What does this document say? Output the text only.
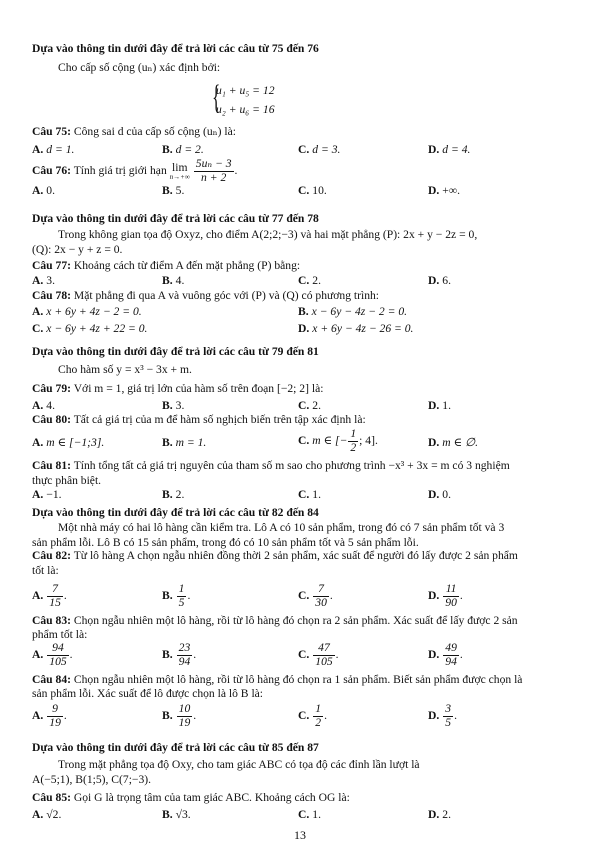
Dựa vào thông tin dưới đây để trả lời các câu từ 75 đến 76
Cho cấp số cộng (uₙ) xác định bởi:
{
u₁ + u₅ = 12
u₂ + u₆ = 16
Câu 75: Công sai d của cấp số cộng (uₙ) là:
A. d = 1.	B. d = 2.	C. d = 3.	D. d = 4.
Câu 76: Tính giá trị giới hạn lim
n→+∞
$\frac{\text{5uₙ − 3}}{n + 2}$ .
A. 0.	B. 5.	C. 10.	D. +∞.
Dựa vào thông tin dưới đây để trả lời các câu từ 77 đến 78
Trong không gian tọa độ Oxyz, cho điểm A(2;2;−3) và hai mặt phẳng (P): 2x + y − 2z = 0,
(Q): 2x − y + z = 0.
Câu 77: Khoảng cách từ điểm A đến mặt phẳng (P) bằng:
A. 3.	B. 4.	C. 2.	D. 6.
Câu 78: Mặt phẳng đi qua A và vuông góc với (P) và (Q) có phương trình:
A. x + 6y + 4z − 2 = 0.	B. x − 6y − 4z − 2 = 0.
C. x − 6y + 4z + 22 = 0.	D. x + 6y − 4z − 26 = 0.
Dựa vào thông tin dưới đây để trả lời các câu từ 79 đến 81
Cho hàm số y = x³ − 3x + m.
Câu 79: Với m = 1, giá trị lớn của hàm số trên đoạn [−2; 2] là:
A. 4.	B. 3.	C. 2.	D. 1.
Câu 80: Tất cả giá trị của m để hàm số nghịch biến trên tập xác định là:
A. m ∈ [−1;3].	B. m = 1.	C. m ∈ [− $\frac{1}{2}$ ; 4].	D. m ∈ ∅.
Câu 81: Tính tổng tất cả giá trị nguyên của tham số m sao cho phương trình −x³ + 3x = m có 3 nghiệm
thực phân biệt.
A. −1.	B. 2.	C. 1.	D. 0.
Dựa vào thông tin dưới đây để trả lời các câu từ 82 đến 84
Một nhà máy có hai lô hàng cần kiểm tra. Lô A có 10 sản phẩm, trong đó có 7 sản phẩm tốt và 3
sản phẩm lỗi. Lô B có 15 sản phẩm, trong đó có 10 sản phẩm tốt và 5 sản phẩm lỗi.
Câu 82: Từ lô hàng A chọn ngẫu nhiên đồng thời 2 sản phẩm, xác suất để người đó lấy được 2 sản phẩm
tốt là:
A. $\frac{7}{15}$ .	B. $\frac{1}{5}$ .	C. $\frac{7}{30}$ .	D. $\frac{11}{90}$ .
Câu 83: Chọn ngẫu nhiên một lô hàng, rồi từ lô hàng đó chọn ra 2 sản phẩm. Xác suất để lấy được 2 sản
phẩm tốt là:
A. $\frac{94}{105}$ .	B. $\frac{23}{94}$ .	C. $\frac{47}{105}$ .	D. $\frac{49}{94}$ .
Câu 84: Chọn ngẫu nhiên một lô hàng, rồi từ lô hàng đó chọn ra 1 sản phẩm. Biết sản phẩm được chọn là
sản phẩm lỗi. Xác suất để lô được chọn là lô B là:
A. $\frac{9}{19}$ .	B. $\frac{10}{19}$ .	C. $\frac{1}{2}$ .	D. $\frac{3}{5}$ .
Dựa vào thông tin dưới đây để trả lời các câu từ 85 đến 87
Trong mặt phẳng tọa độ Oxy, cho tam giác ABC có tọa độ các đỉnh lần lượt là
A(−5;1), B(1;5), C(7;−3).
Câu 85: Gọi G là trọng tâm của tam giác ABC. Khoảng cách OG là:
A. √2.	B. √3.	C. 1.	D. 2.
13
